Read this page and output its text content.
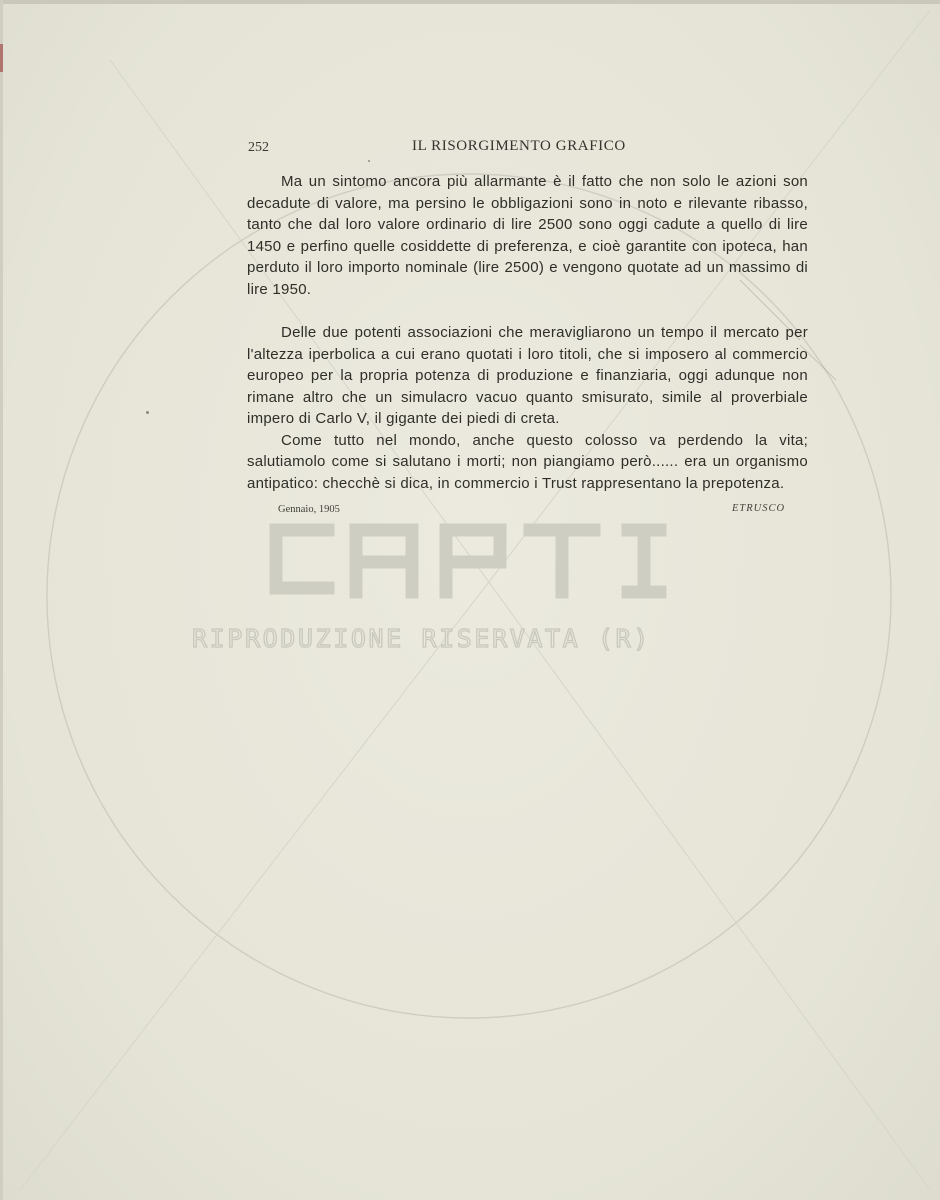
RIPRODUZIONE RISERVATA (R)
252	IL RISORGIMENTO GRAFICO

Ma un sintomo ancora più allarmante è il fatto che non solo le azioni son decadute di valore, ma persino le obbligazioni sono in noto e rilevante ribasso, tanto che dal loro valore ordinario di lire 2500 sono oggi cadute a quello di lire 1450 e perfino quelle cosiddette di preferenza, e cioè garantite con ipoteca, han perduto il loro importo nominale (lire 2500) e vengono quotate ad un massimo di lire 1950.

Delle due potenti associazioni che meravigliarono un tempo il mercato per l'altezza iperbolica a cui erano quotati i loro titoli, che si imposero al commercio europeo per la propria potenza di produzione e finanziaria, oggi adunque non rimane altro che un simulacro vacuo quanto smisurato, simile al proverbiale impero di Carlo V, il gigante dei piedi di creta.

Come tutto nel mondo, anche questo colosso va perdendo la vita; salutiamolo come si salutano i morti; non piangiamo però...... era un organismo antipatico: checchè si dica, in commercio i Trust rappresentano la prepotenza.

Gennaio, 1905	ETRUSCO
